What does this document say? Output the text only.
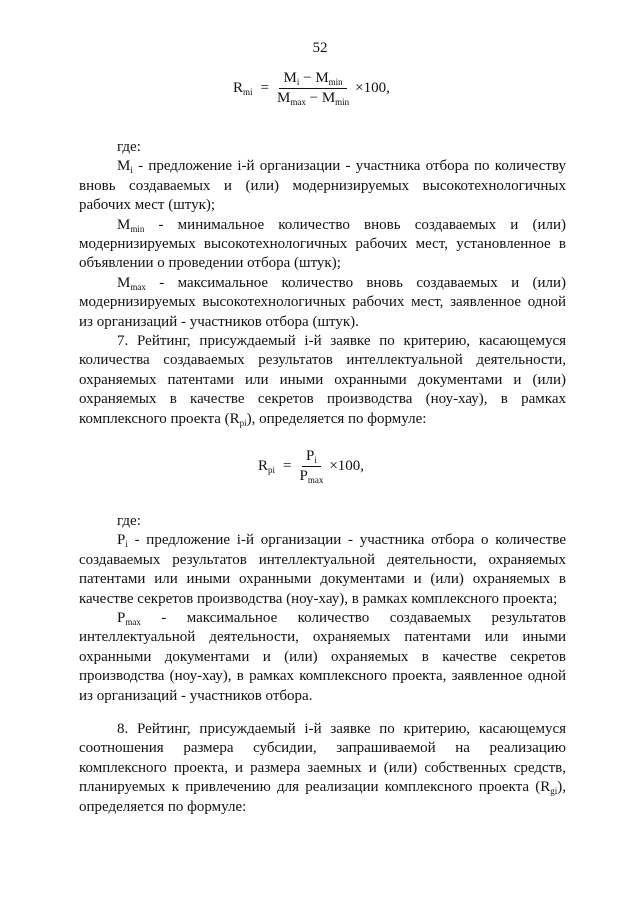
52
$R_{mi} = \frac{M_i - M_{min}}{M_{max} - M_{min}} \times 100$,

где:

$M_i$ - предложение i-й организации - участника отбора по количеству вновь создаваемых и (или) модернизируемых высокотехнологичных рабочих мест (штук);

$M_{min}$ - минимальное количество вновь создаваемых и (или) модернизируемых высокотехнологичных рабочих мест, установленное в объявлении о проведении отбора (штук);

$M_{max}$ - максимальное количество вновь создаваемых и (или) модернизируемых высокотехнологичных рабочих мест, заявленное одной из организаций - участников отбора (штук).

7. Рейтинг, присуждаемый i-й заявке по критерию, касающемуся количества создаваемых результатов интеллектуальной деятельности, охраняемых патентами или иными охранными документами и (или) охраняемых в качестве секретов производства (ноу-хау), в рамках комплексного проекта $(R_{pi})$, определяется по формуле:

$R_{pi} = \frac{P_i}{P_{max}} \times 100$,

где:

$P_i$ - предложение i-й организации - участника отбора о количестве создаваемых результатов интеллектуальной деятельности, охраняемых патентами или иными охранными документами и (или) охраняемых в качестве секретов производства (ноу-хау), в рамках комплексного проекта;

$P_{max}$ - максимальное количество создаваемых результатов интеллектуальной деятельности, охраняемых патентами или иными охранными документами и (или) охраняемых в качестве секретов производства (ноу-хау), в рамках комплексного проекта, заявленное одной из организаций - участников отбора.

8. Рейтинг, присуждаемый i-й заявке по критерию, касающемуся соотношения размера субсидии, запрашиваемой на реализацию комплексного проекта, и размера заемных и (или) собственных средств, планируемых к привлечению для реализации комплексного проекта $(R_{gi})$, определяется по формуле:
